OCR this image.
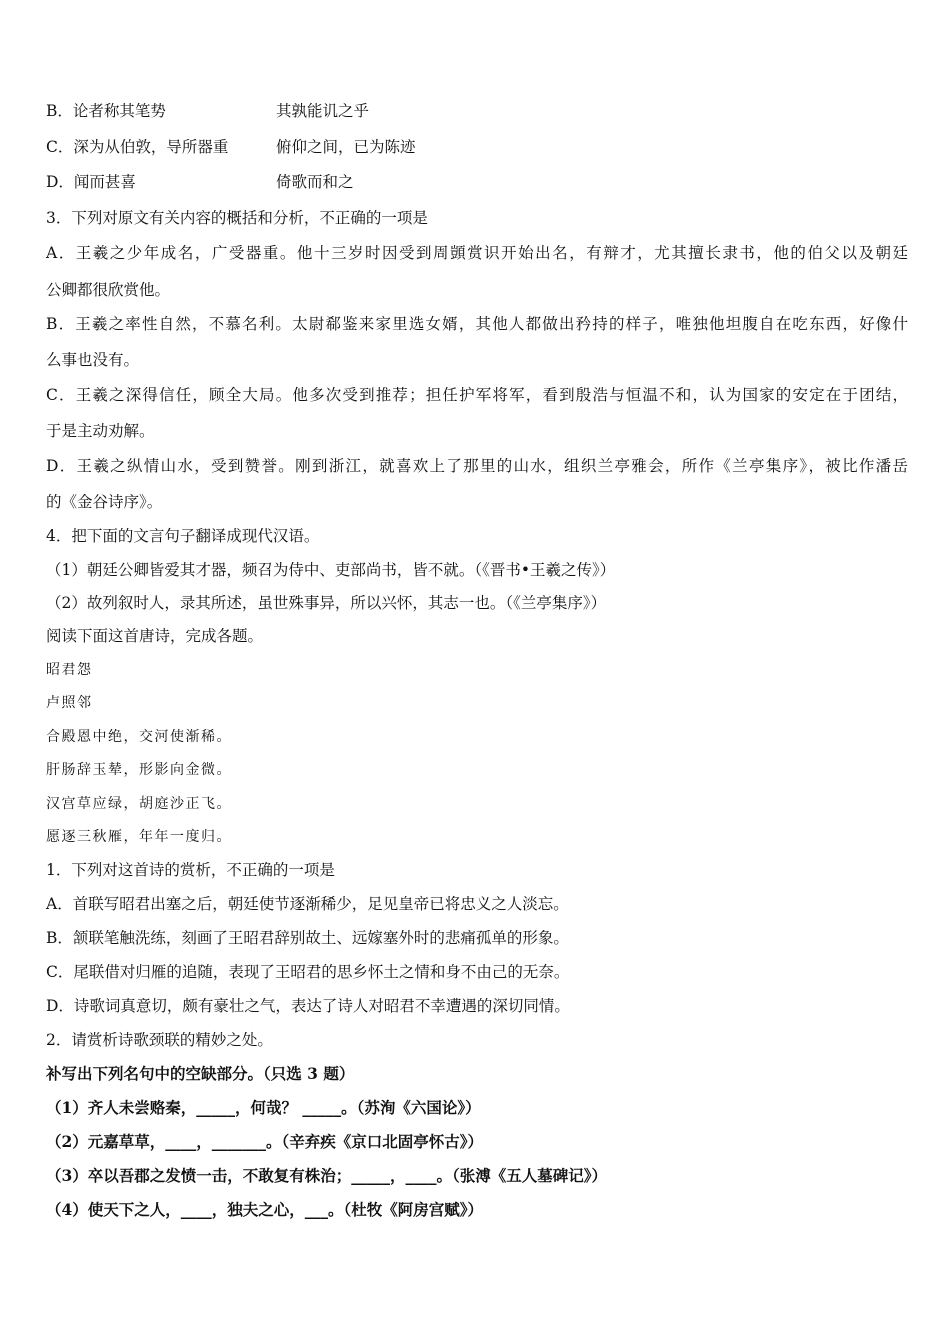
B．论者称其笔势	其孰能讥之乎
C．深为从伯敦，导所器重	俯仰之间，已为陈迹
D．闻而甚喜	倚歌而和之
3．下列对原文有关内容的概括和分析，不正确的一项是
A．王羲之少年成名，广受器重。他十三岁时因受到周顗赏识开始出名，有辩才，尤其擅长隶书，他的伯父以及朝廷
公卿都很欣赏他。
B．王羲之率性自然，不慕名利。太尉郗鉴来家里选女婿，其他人都做出矜持的样子，唯独他坦腹自在吃东西，好像什
么事也没有。
C．王羲之深得信任，顾全大局。他多次受到推荐；担任护军将军，看到殷浩与恒温不和，认为国家的安定在于团结，
于是主动劝解。
D．王羲之纵情山水，受到赞誉。刚到浙江，就喜欢上了那里的山水，组织兰亭雅会，所作《兰亭集序》，被比作潘岳
的《金谷诗序》。
4．把下面的文言句子翻译成现代汉语。
（1）朝廷公卿皆爱其才器，频召为侍中、吏部尚书，皆不就。（《晋书•王羲之传》）
（2）故列叙时人，录其所述，虽世殊事异，所以兴怀，其志一也。（《兰亭集序》）
阅读下面这首唐诗，完成各题。
昭君怨
卢照邻
合殿恩中绝，交河使渐稀。
肝肠辞玉辇，形影向金微。
汉宫草应绿，胡庭沙正飞。
愿逐三秋雁，年年一度归。
1．下列对这首诗的赏析，不正确的一项是
A．首联写昭君出塞之后，朝廷使节逐渐稀少，足见皇帝已将忠义之人淡忘。
B．颔联笔触洗练，刻画了王昭君辞别故土、远嫁塞外时的悲痛孤单的形象。
C．尾联借对归雁的追随，表现了王昭君的思乡怀土之情和身不由己的无奈。
D．诗歌词真意切，颇有豪壮之气，表达了诗人对昭君不幸遭遇的深切同情。
2．请赏析诗歌颈联的精妙之处。
补写出下列名句中的空缺部分。（只选 3 题）
（1）齐人未尝赂秦，_____，何哉？ _____。（苏洵《六国论》）
（2）元嘉草草，____，_______。（辛弃疾《京口北固亭怀古》）
（3）卒以吾郡之发愤一击，不敢复有株治；_____，____。（张溥《五人墓碑记》）
（4）使天下之人，____，独夫之心，___。（杜牧《阿房宫赋》）
